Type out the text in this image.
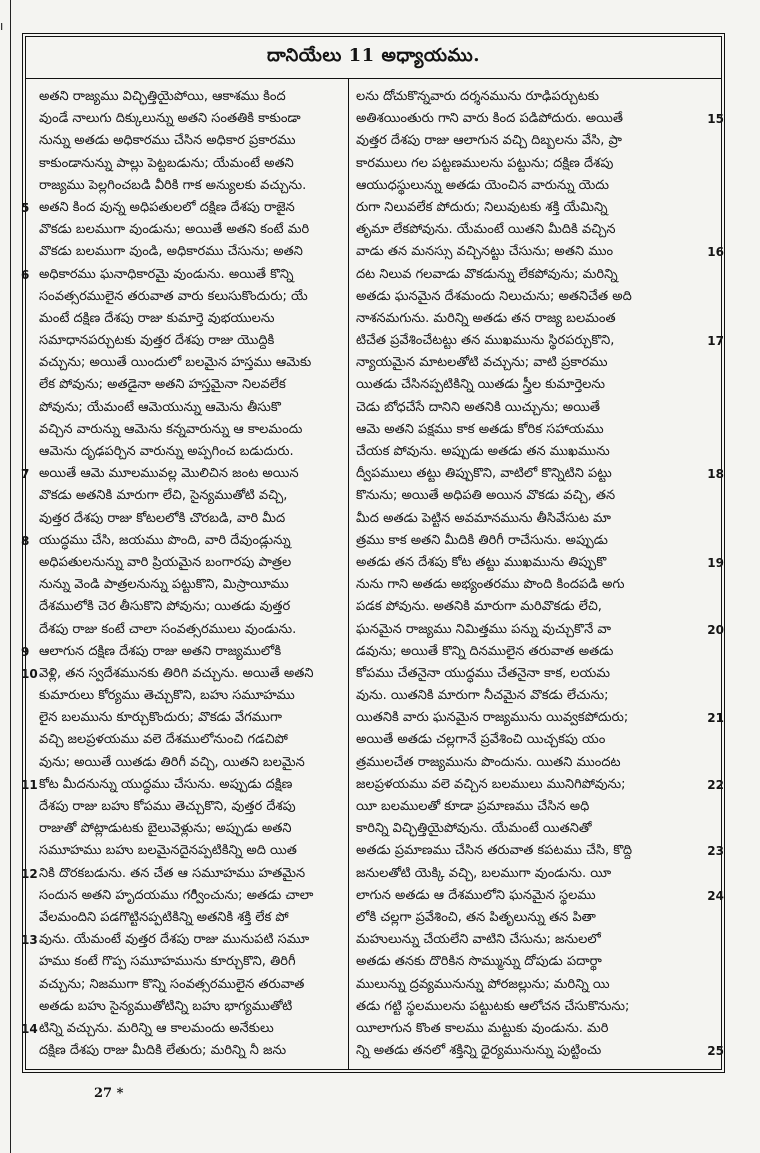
ı
దానియేలు 11 అధ్యాయము.
అతని రాజ్యము విచ్ఛిత్తియైపోయి, ఆకాశము కింద
వుండే నాలుగు దిక్కులున్ను అతని సంతతికి కాకుండా
నున్ను అతడు అధికారము చేసిన అధికార ప్రకారము
కాకుండానున్ను పాల్లు పెట్టబడును; యేమంటే అతని
రాజ్యము పెల్లగించబడి వీరికి గాక అన్యులకు వచ్చును.
అతని కింద వున్న అధిపతులలో దక్షిణ దేశపు రాజైన
5
వొకడు బలముగా వుండును; అయితే అతని కంటే మరి
వొకడు బలముగా వుండి, అధికారము చేసును; అతని
అధికారము ఘనాధికారమై వుండును. అయితే కొన్ని
6
సంవత్సరములైన తరువాత వారు కలుసుకొందురు; యే
మంటే దక్షిణ దేశపు రాజు కుమార్తె వుభయులను
సమాధానపర్చుటకు వుత్తర దేశపు రాజు యొద్దికి
వచ్చును; అయితే యిందులో బలమైన హస్తము ఆమెకు
లేక పోవును; అతడైనా అతని హస్తమైనా నిలవలేక
పోవును; యేమంటే ఆమెయున్ను ఆమెను తీసుకొ
వచ్చిన వారున్ను ఆమెను కన్నవారున్ను ఆ కాలమందు
ఆమెను దృఢపర్చిన వారున్ను అప్పగించ బడుదురు.
అయితే ఆమె మూలమువల్ల మొలిచిన జంట అయిన
7
వొకడు అతనికి మారుగా లేచి, సైన్యముతోటి వచ్చి,
వుత్తర దేశపు రాజు కోటలలోకి చొరబడి, వారి మీద
యుద్ధము చేసి, జయము పొంది, వారి దేవుండ్లున్ను
8
అధిపతులనున్ను వారి ప్రియమైన బంగారపు పాత్రల
నున్ను వెండి పాత్రలనున్ను పట్టుకొని, మిస్రాయీము
దేశములోకి చెర తీసుకొని పోవును; యితడు వుత్తర
దేశపు రాజు కంటే చాలా సంవత్సరములు వుండును.
ఆలాగున దక్షిణ దేశపు రాజు అతని రాజ్యములోకి
9
వెళ్లి, తన స్వదేశమునకు తిరిగి వచ్చును. అయితే అతని
10
కుమారులు కోర్యము తెచ్చుకొని, బహు సమూహము
లైన బలమును కూర్చుకొందురు; వొకడు వేగముగా
వచ్చి జలప్రళయము వలె దేశములోనుంచి గడచిపో
వును; అయితే యితడు తిరిగీ వచ్చి, యితని బలమైన
కోట మీదనున్ను యుద్ధము చేసును. అప్పుడు దక్షిణ
11
దేశపు రాజు బహు కోపము తెచ్చుకొని, వుత్తర దేశపు
రాజుతో పోట్లాడుటకు బైలువెళ్లును; అప్పుడు అతని
సమూహము బహు బలమైనదైనప్పటికిన్ని అది యిత
నికి దొరకబడును. తన చేత ఆ సమూహము హతమైన
12
సందున అతని హృదయము గర్విించును; అతడు చాలా
వేలమందిని పడగొట్టినప్పటికిన్ని అతనికి శక్తి లేక పో
వును. యేమంటే వుత్తర దేశపు రాజు మునుపటి సమూ
13
హము కంటే గొప్ప సమూహమును కూర్చుకొని, తిరిగీ
వచ్చును; నిజముగా కొన్ని సంవత్సరములైన తరువాత
అతడు బహు సైన్యముతోటిన్ని బహు భాగ్యముతోటి
టిన్ని వచ్చును. మరిన్ని ఆ కాలమందు అనేకులు
14
దక్షిణ దేశపు రాజు మీదికి లేతురు; మరిన్ని నీ జను
లను దోచుకొన్నవారు దర్శనమును రూఢిపర్చుటకు
అతిశయింతురు గాని వారు కింద పడిపోదురు. అయితే	15
వుత్తర దేశపు రాజు ఆలాగున వచ్చి దిబ్బలను వేసి, ప్రా
కారములు గల పట్టణములను పట్టును; దక్షిణ దేశపు
ఆయుధస్థులున్ను అతడు యెంచిన వారున్ను యెదు
రుగా నిలువలేక పోదురు; నిలువుటకు శక్తి యేమిన్ని
తృమా లేకపోవును. యేమంటే యితని మీదికి వచ్చిన
వాడు తన మనస్సు వచ్చినట్టు చేసును; అతని ముం	16
దట నిలువ గలవాడు వొకడున్ను లేకపోవును; మరిన్ని
అతడు ఘనమైన దేశమందు నిలుచును; అతనిచేత అది
నాశనమగును. మరిన్ని అతడు తన రాజ్య బలమంత
టిచేత ప్రవేశించేటట్టు తన ముఖమును స్థిరపర్చుకొని,	17
న్యాయమైన మాటలతోటి వచ్చును; వాటి ప్రకారము
యితడు చేసినప్పటికిన్ని యితడు స్త్రీల కుమార్తెలను
చెడు బోధచేసే దానిని అతనికి యిచ్చును; అయితే
ఆమె అతని పక్షము కాక అతడు కోరిక సహాయము
చేయక పోవును. అప్పుడు అతడు తన ముఖమును
ద్వీపములు తట్టు తిప్పుకొని, వాటిలో కొన్నిటిని పట్టు	18
కొనును; అయితే అధిపతి అయిన వొకడు వచ్చి, తన
మీద అతడు పెట్టిన అవమానమును తీసివేసుట మా
త్రము కాక అతని మీదికి తిరిగీ రాచేసును. అప్పుడు
అతడు తన దేశపు కోట తట్టు ముఖమును తిప్పుకొ	19
నును గాని అతడు అభ్యంతరము పొంది కిందపడి అగు
పడక పోవును. అతనికి మారుగా మరివొకడు లేచి,
ఘనమైన రాజ్యము నిమిత్తము పన్ను వుచ్చుకొనే వా	20
డవును; అయితే కొన్ని దినములైన తరువాత అతడు
కోపము చేతనైనా యుద్ధము చేతనైనా కాక, లయమ
వును. యితనికి మారుగా నీచమైన వొకడు లేచును;
యితనికి వారు ఘనమైన రాజ్యమును యివ్వకపోదురు;	21
అయితే అతడు చల్లగానే ప్రవేశించి యిచ్చకపు యం
త్రములచేత రాజ్యమును పొందును. యితని ముందట
జలప్రళయము వలె వచ్చిన బలములు మునిగిపోవును;	22
యీ బలములతో కూడా ప్రమాణము చేసిన అధి
కారిన్ని విచ్ఛిత్తియైపోవును. యేమంటే యితనితో
అతడు ప్రమాణము చేసిన తరువాత కపటము చేసి, కొద్ది	23
జనులతోటి యెక్కి వచ్చి, బలముగా వుండును. యీ
లాగున అతడు ఆ దేశములోని ఘనమైన స్థలము	24
లోకి చల్లగా ప్రవేశించి, తన పితృలున్ను తన పితా
మహులున్ను చేయలేని వాటిని చేసును; జనులలో
అతడు తనకు దొరికిన సొమ్మున్ను దోపుడు పదార్థా
ములున్ను ద్రవ్యమునున్ను పోరజల్లును; మరిన్ని యి
తడు గట్టి స్థలములను పట్టుటకు ఆలోచన చేసుకొనును;
యీలాగున కొంత కాలము మట్టుకు వుండును. మరి
న్ని అతడు తనలో శక్తిన్ని ధైర్యమునున్ను పుట్టించు	25
27 *
